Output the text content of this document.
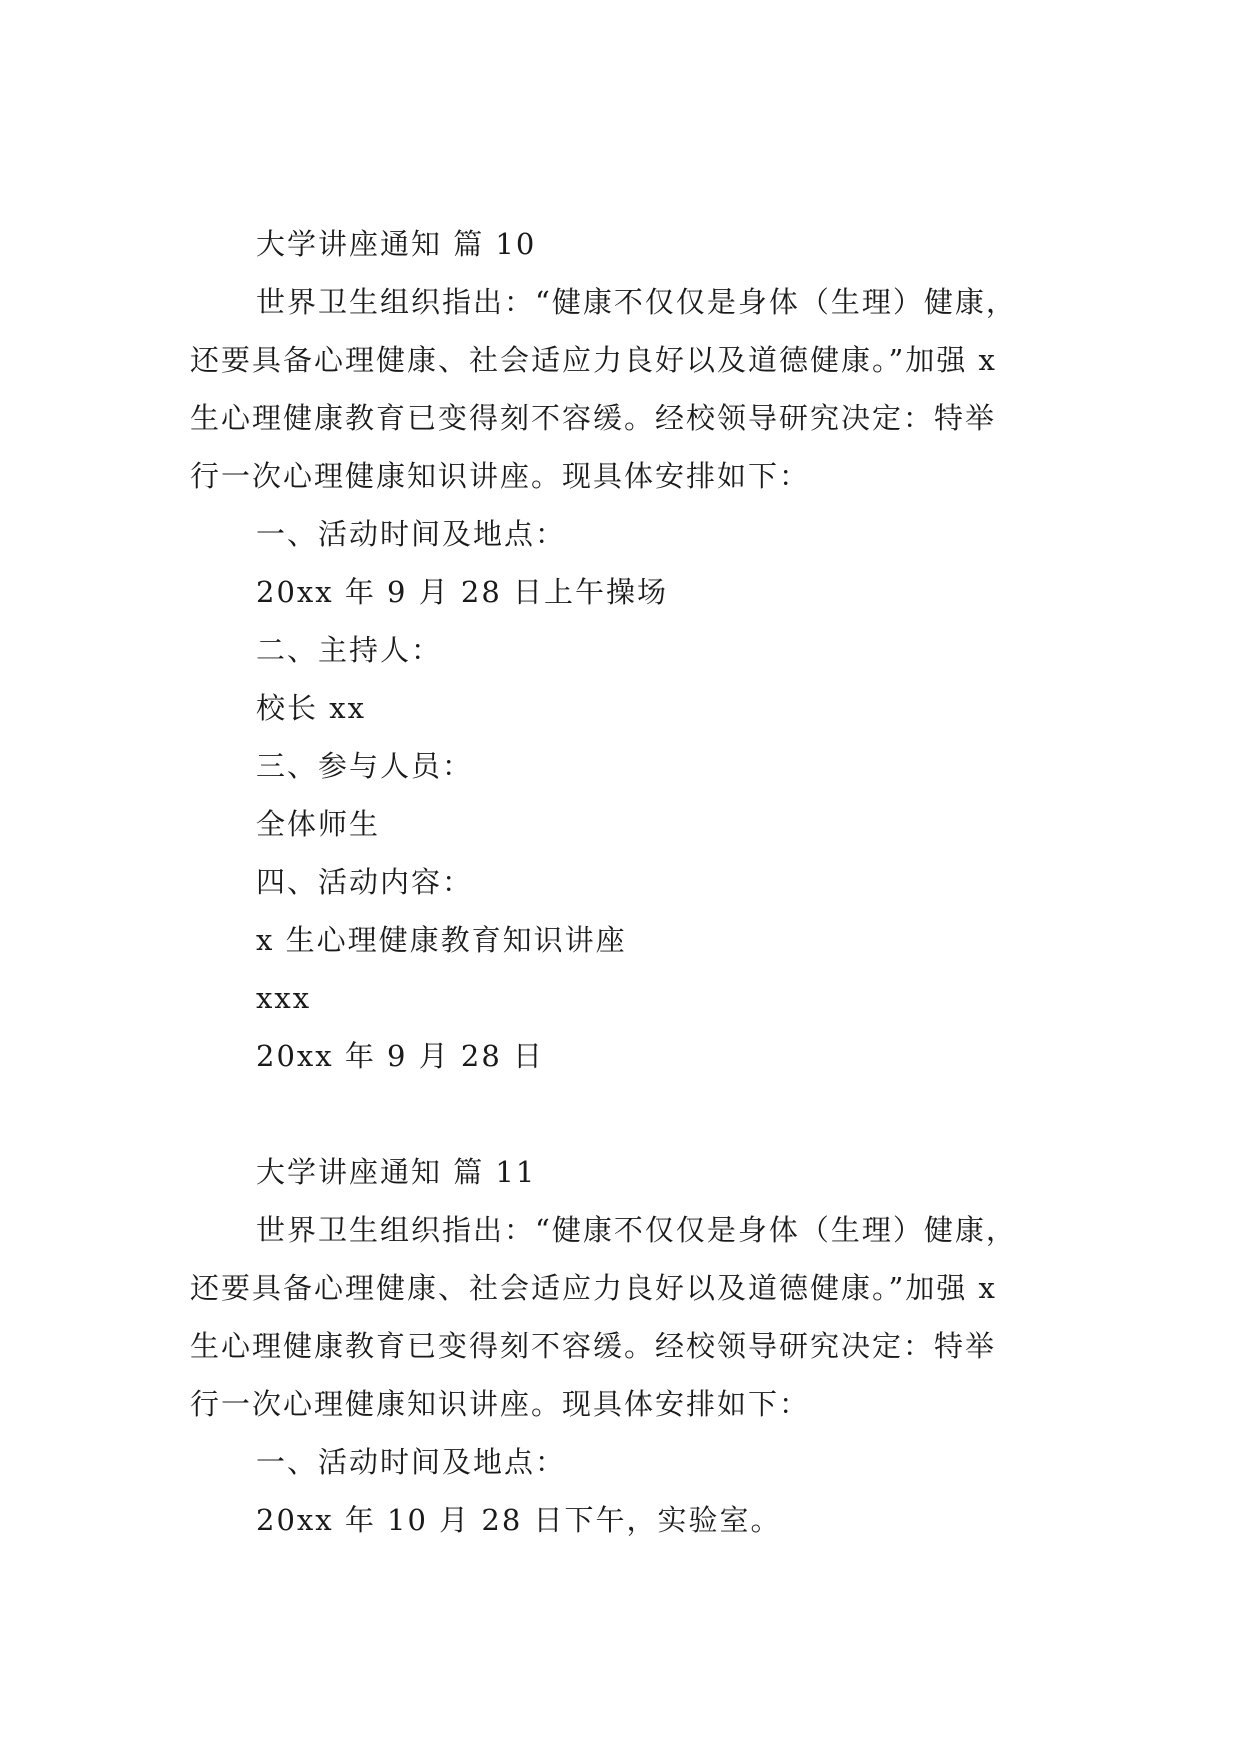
大学讲座通知 篇 10

世界卫生组织指出：“健康不仅仅是身体（生理）健康，

还要具备心理健康、社会适应力良好以及道德健康。”加强 x

生心理健康教育已变得刻不容缓。经校领导研究决定：特举

行一次心理健康知识讲座。现具体安排如下：

一、活动时间及地点：

20xx 年 9 月 28 日上午操场

二、主持人：

校长 xx

三、参与人员：

全体师生

四、活动内容：

x 生心理健康教育知识讲座

xxx

20xx 年 9 月 28 日

大学讲座通知 篇 11

世界卫生组织指出：“健康不仅仅是身体（生理）健康，

还要具备心理健康、社会适应力良好以及道德健康。”加强 x

生心理健康教育已变得刻不容缓。经校领导研究决定：特举

行一次心理健康知识讲座。现具体安排如下：

一、活动时间及地点：

20xx 年 10 月 28 日下午，实验室。
